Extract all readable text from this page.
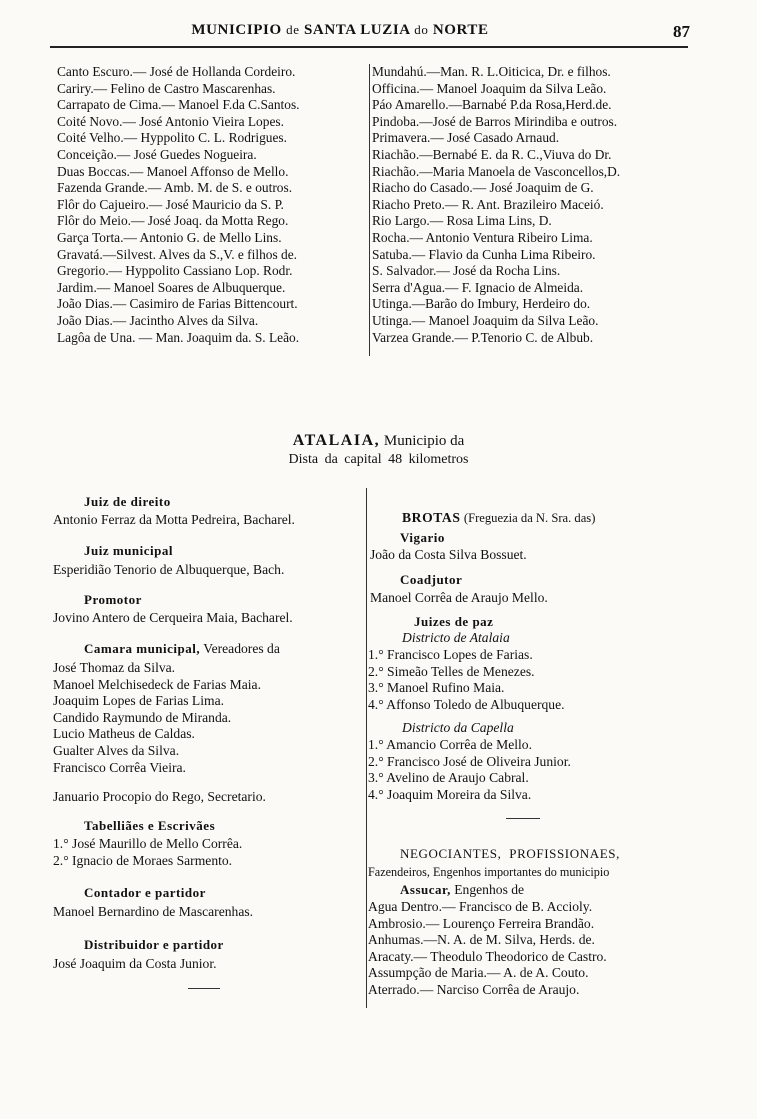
MUNICIPIO de SANTA LUZIA do NORTE	87
Canto Escuro.— José de Hollanda Cordeiro.
Cariry.— Felino de Castro Mascarenhas.
Carrapato de Cima.— Manoel F.da C.Santos.
Coité Novo.— José Antonio Vieira Lopes.
Coité Velho.— Hyppolito C. L. Rodrigues.
Conceição.— José Guedes Nogueira.
Duas Boccas.— Manoel Affonso de Mello.
Fazenda Grande.— Amb. M. de S. e outros.
Flôr do Cajueiro.— José Mauricio da S. P.
Flôr do Meio.— José Joaq. da Motta Rego.
Garça Torta.— Antonio G. de Mello Lins.
Gravatá.—Silvest. Alves da S.,V. e filhos de.
Gregorio.— Hyppolito Cassiano Lop. Rodr.
Jardim.— Manoel Soares de Albuquerque.
João Dias.— Casimiro de Farias Bittencourt.
João Dias.— Jacintho Alves da Silva.
Lagôa de Una. — Man. Joaquim da. S. Leão.
Mundahú.—Man. R. L.Oiticica, Dr. e filhos.
Officina.— Manoel Joaquim da Silva Leão.
Páo Amarello.—Barnabé P.da Rosa,Herd.de.
Pindoba.—José de Barros Mirindiba e outros.
Primavera.— José Casado Arnaud.
Riachão.—Bernabé E. da R. C.,Viuva do Dr.
Riachão.—Maria Manoela de Vasconcellos,D.
Riacho do Casado.— José Joaquim de G.
Riacho Preto.— R. Ant. Brazileiro Maceió.
Rio Largo.— Rosa Lima Lins, D.
Rocha.— Antonio Ventura Ribeiro Lima.
Satuba.— Flavio da Cunha Lima Ribeiro.
S. Salvador.— José da Rocha Lins.
Serra d'Agua.— F. Ignacio de Almeida.
Utinga.—Barão do Imbury, Herdeiro do.
Utinga.— Manoel Joaquim da Silva Leão.
Varzea Grande.— P.Tenorio C. de Albub.
ATALAIA, Municipio da
Dista da capital 48 kilometros
Juiz de direito
Antonio Ferraz da Motta Pedreira, Bacharel.
Juiz municipal
Esperidião Tenorio de Albuquerque, Bach.
Promotor
Jovino Antero de Cerqueira Maia, Bacharel.
Camara municipal, Vereadores da
José Thomaz da Silva.
Manoel Melchisedeck de Farias Maia.
Joaquim Lopes de Farias Lima.
Candido Raymundo de Miranda.
Lucio Matheus de Caldas.
Gualter Alves da Silva.
Francisco Corrêa Vieira.
Januario Procopio do Rego, Secretario.
Tabelliães e Escrivães
1.° José Maurillo de Mello Corrêa.
2.° Ignacio de Moraes Sarmento.
Contador e partidor
Manoel Bernardino de Mascarenhas.
Distribuidor e partidor
José Joaquim da Costa Junior.
BROTAS (Freguezia da N. Sra. das)
Vigario
João da Costa Silva Bossuet.
Coadjutor
Manoel Corrêa de Araujo Mello.
Juizes de paz
Districto de Atalaia
1.° Francisco Lopes de Farias.
2.° Simeão Telles de Menezes.
3.° Manoel Rufino Maia.
4.° Affonso Toledo de Albuquerque.
Districto da Capella
1.° Amancio Corrêa de Mello.
2.° Francisco José de Oliveira Junior.
3.° Avelino de Araujo Cabral.
4.° Joaquim Moreira da Silva.
NEGOCIANTES, PROFISSIONAES,
Fazendeiros, Engenhos importantes do municipio
Assucar, Engenhos de
Agua Dentro.— Francisco de B. Accioly.
Ambrosio.— Lourenço Ferreira Brandão.
Anhumas.—N. A. de M. Silva, Herds. de.
Aracaty.— Theodulo Theodorico de Castro.
Assumpção de Maria.— A. de A. Couto.
Aterrado.— Narciso Corrêa de Araujo.
